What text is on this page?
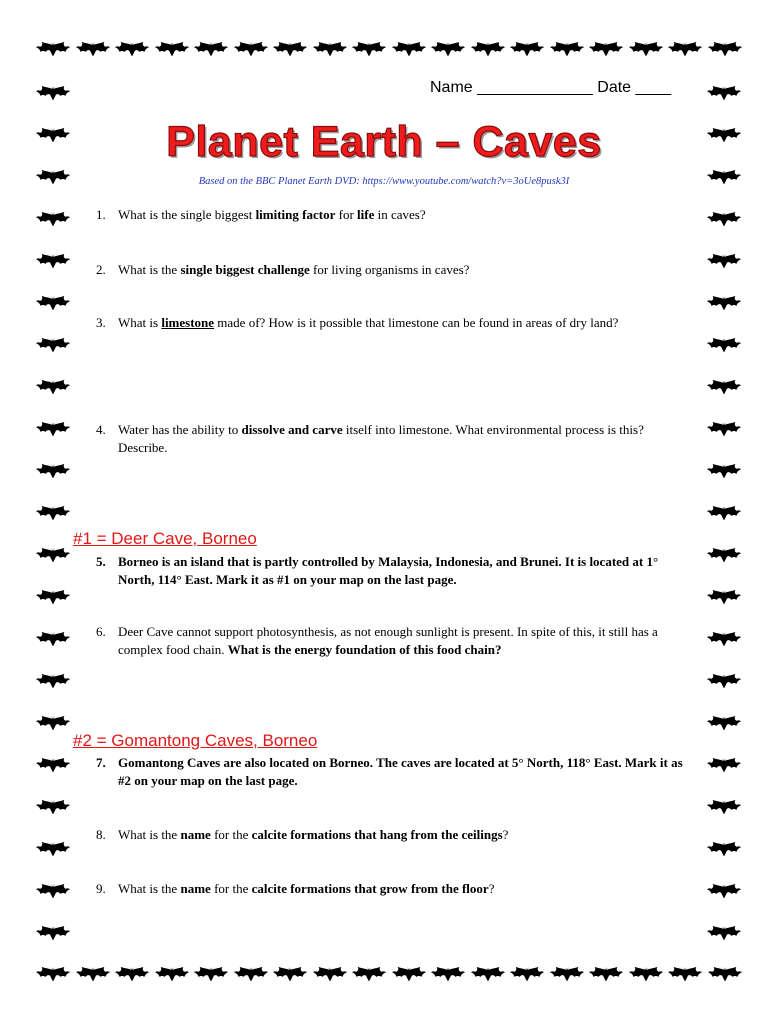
Name _____________ Date ____
Planet Earth – Caves
Based on the BBC Planet Earth DVD: https://www.youtube.com/watch?v=3oUe8pusk3I
1. What is the single biggest limiting factor for life in caves?
2. What is the single biggest challenge for living organisms in caves?
3. What is limestone made of? How is it possible that limestone can be found in areas of dry land?
4. Water has the ability to dissolve and carve itself into limestone. What environmental process is this? Describe.
#1 = Deer Cave, Borneo
5. Borneo is an island that is partly controlled by Malaysia, Indonesia, and Brunei. It is located at 1° North, 114° East. Mark it as #1 on your map on the last page.
6. Deer Cave cannot support photosynthesis, as not enough sunlight is present. In spite of this, it still has a complex food chain. What is the energy foundation of this food chain?
#2 = Gomantong Caves, Borneo
7. Gomantong Caves are also located on Borneo. The caves are located at 5° North, 118° East. Mark it as #2 on your map on the last page.
8. What is the name for the calcite formations that hang from the ceilings?
9. What is the name for the calcite formations that grow from the floor?
